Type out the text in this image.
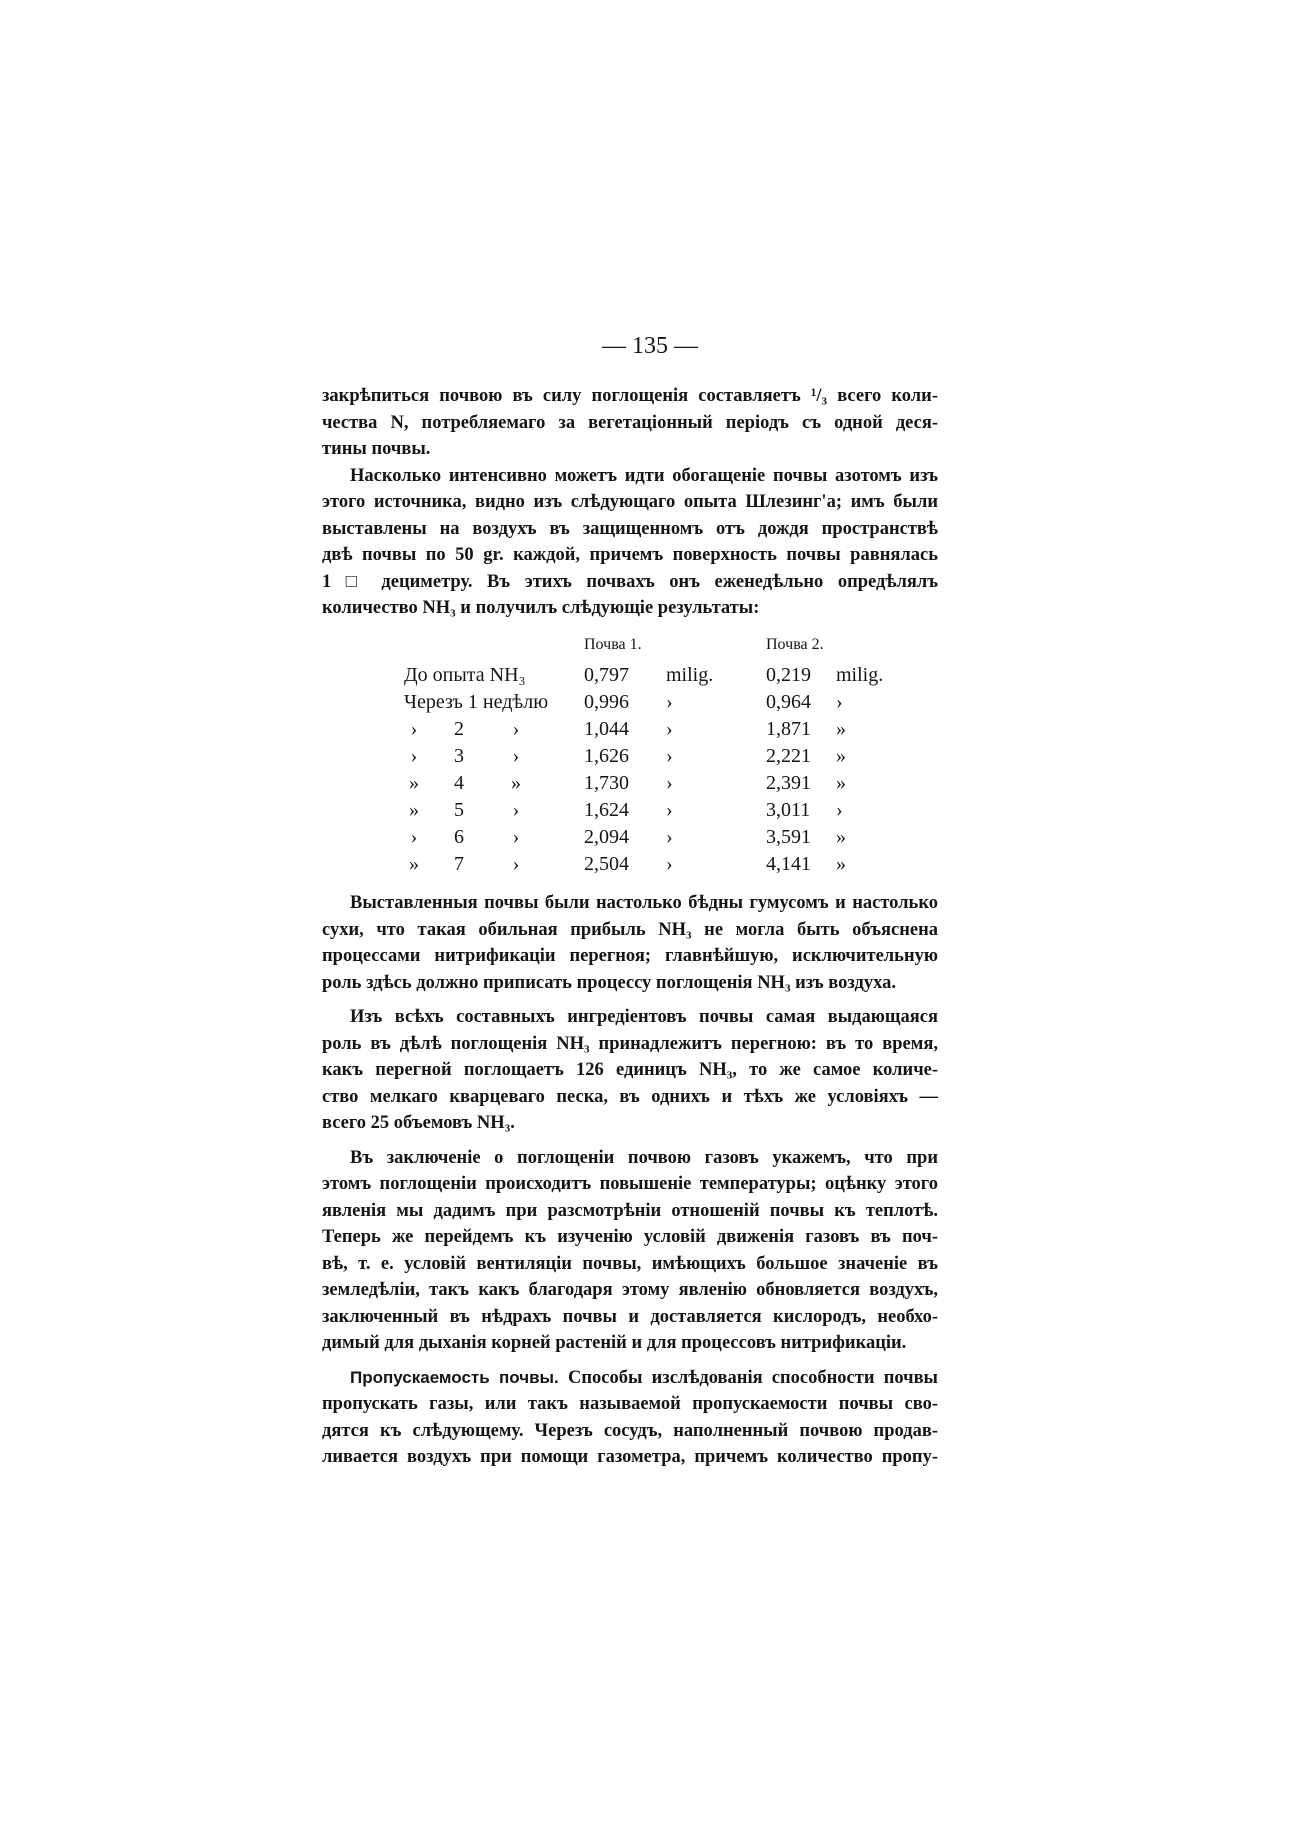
— 135 —
закрѣпиться почвою въ силу поглощенія составляетъ ¹/₃ всего коли-
чества N, потребляемаго за вегетаціонный періодъ съ одной деся-
тины почвы.
Насколько интенсивно можетъ идти обогащеніе почвы азотомъ изъ
этого источника, видно изъ слѣдующаго опыта Шлезинг'а; имъ были
выставлены на воздухъ въ защищенномъ отъ дождя пространствѣ
двѣ почвы по 50 gr. каждой, причемъ поверхность почвы равнялась
1 □ дециметру. Въ этихъ почвахъ онъ еженедѣльно опредѣлялъ
количество NH₃ и получилъ слѣдующіе результаты:
Почва 1.	Почва 2.
До опыта NH₃	0,797 milig.	0,219 milig.
Черезъ 1 недѣлю 0,996 ›	0,964 ›
›	2	›	1,044 ›	1,871 »
›	3	›	1,626 ›	2,221 »
»	4	»	1,730 ›	2,391 »
»	5	›	1,624 ›	3,011 ›
›	6	›	2,094 ›	3,591 »
»	7	›	2,504 ›	4,141 »
Выставленныя почвы были настолько бѣдны гумусомъ и настолько
сухи, что такая обильная прибыль NH₃ не могла быть объяснена
процессами нитрификаціи перегноя; главнѣйшую, исключительную
роль здѣсь должно приписать процессу поглощенія NH₃ изъ воздуха.
Изъ всѣхъ составныхъ ингредіентовъ почвы самая выдающаяся
роль въ дѣлѣ поглощенія NH₃ принадлежитъ перегною: въ то время,
какъ перегной поглощаетъ 126 единицъ NH₃, то же самое количе-
ство мелкаго кварцеваго песка, въ однихъ и тѣхъ же условіяхъ —
всего 25 объемовъ NH₃.
Въ заключеніе о поглощеніи почвою газовъ укажемъ, что при
этомъ поглощеніи происходитъ повышеніе температуры; оцѣнку этого
явленія мы дадимъ при разсмотрѣніи отношеній почвы къ теплотѣ.
Теперь же перейдемъ къ изученію условій движенія газовъ въ поч-
вѣ, т. е. условій вентиляціи почвы, имѣющихъ большое значеніе въ
земледѣліи, такъ какъ благодаря этому явленію обновляется воздухъ,
заключенный въ нѣдрахъ почвы и доставляется кислородъ, необхо-
димый для дыханія корней растеній и для процессовъ нитрификаціи.
Пропускаемость почвы. Способы изслѣдованія способности почвы
пропускать газы, или такъ называемой пропускаемости почвы сво-
дятся къ слѣдующему. Черезъ сосудъ, наполненный почвою продав-
ливается воздухъ при помощи газометра, причемъ количество пропу-
